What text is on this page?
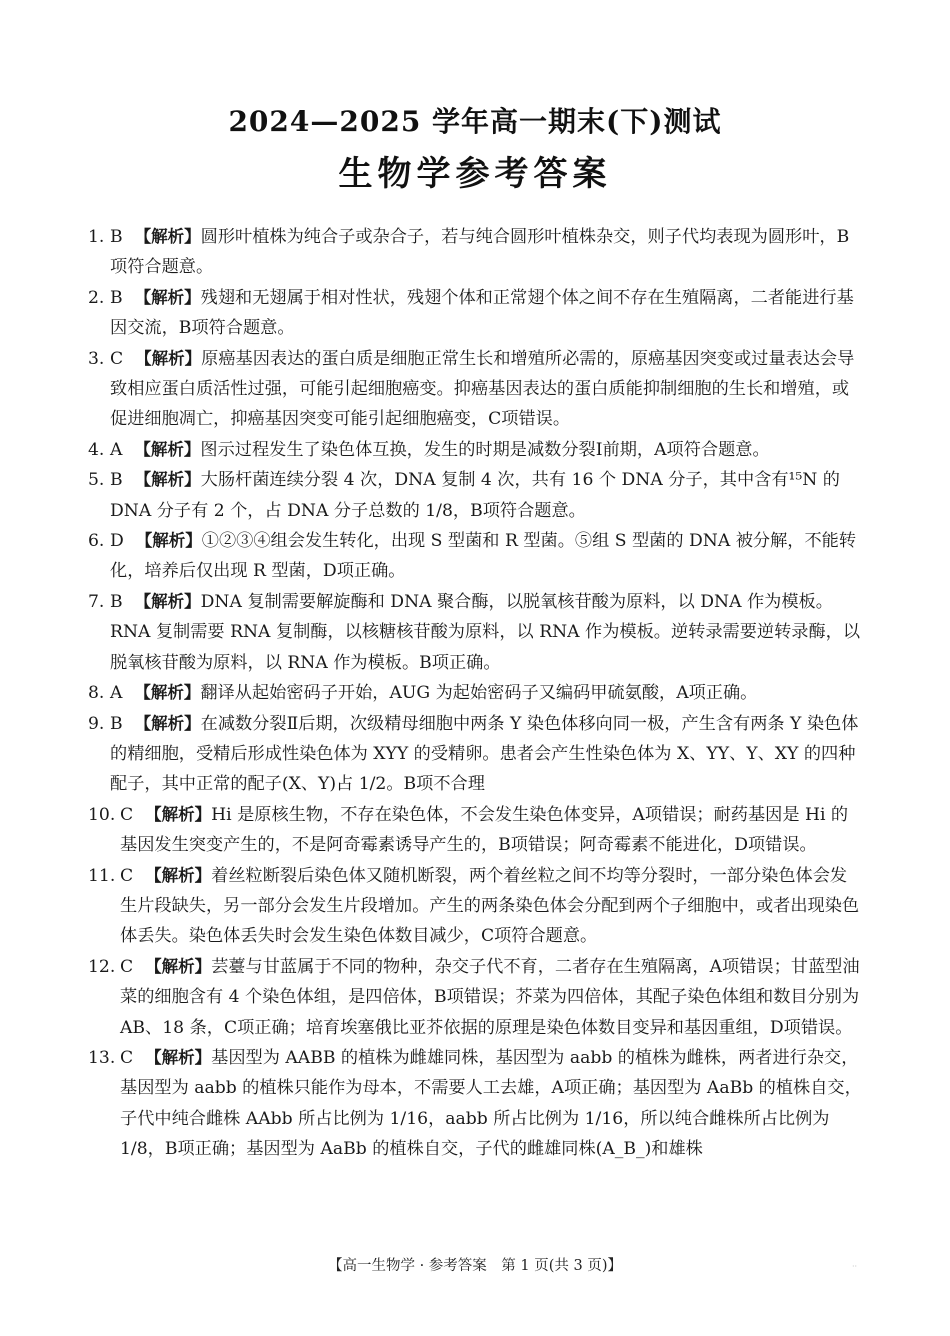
2024—2025 学年高一期末(下)测试
生物学参考答案
1. B 【解析】圆形叶植株为纯合子或杂合子，若与纯合圆形叶植株杂交，则子代均表现为圆形叶，B项符合题意。
2. B 【解析】残翅和无翅属于相对性状，残翅个体和正常翅个体之间不存在生殖隔离，二者能进行基因交流，B项符合题意。
3. C 【解析】原癌基因表达的蛋白质是细胞正常生长和增殖所必需的，原癌基因突变或过量表达会导致相应蛋白质活性过强，可能引起细胞癌变。抑癌基因表达的蛋白质能抑制细胞的生长和增殖，或促进细胞凋亡，抑癌基因突变可能引起细胞癌变，C项错误。
4. A 【解析】图示过程发生了染色体互换，发生的时期是减数分裂Ⅰ前期，A项符合题意。
5. B 【解析】大肠杆菌连续分裂 4 次，DNA 复制 4 次，共有 16 个 DNA 分子，其中含有¹⁵N 的 DNA 分子有 2 个，占 DNA 分子总数的 1/8，B项符合题意。
6. D 【解析】①②③④组会发生转化，出现 S 型菌和 R 型菌。⑤组 S 型菌的 DNA 被分解，不能转化，培养后仅出现 R 型菌，D项正确。
7. B 【解析】DNA 复制需要解旋酶和 DNA 聚合酶，以脱氧核苷酸为原料，以 DNA 作为模板。RNA 复制需要 RNA 复制酶，以核糖核苷酸为原料，以 RNA 作为模板。逆转录需要逆转录酶，以脱氧核苷酸为原料，以 RNA 作为模板。B项正确。
8. A 【解析】翻译从起始密码子开始，AUG 为起始密码子又编码甲硫氨酸，A项正确。
9. B 【解析】在减数分裂Ⅱ后期，次级精母细胞中两条 Y 染色体移向同一极，产生含有两条 Y 染色体的精细胞，受精后形成性染色体为 XYY 的受精卵。患者会产生性染色体为 X、YY、Y、XY 的四种配子，其中正常的配子(X、Y)占 1/2。B项不合理
10. C 【解析】Hi 是原核生物，不存在染色体，不会发生染色体变异，A项错误；耐药基因是 Hi 的基因发生突变产生的，不是阿奇霉素诱导产生的，B项错误；阿奇霉素不能进化，D项错误。
11. C 【解析】着丝粒断裂后染色体又随机断裂，两个着丝粒之间不均等分裂时，一部分染色体会发生片段缺失，另一部分会发生片段增加。产生的两条染色体会分配到两个子细胞中，或者出现染色体丢失。染色体丢失时会发生染色体数目减少，C项符合题意。
12. C 【解析】芸薹与甘蓝属于不同的物种，杂交子代不育，二者存在生殖隔离，A项错误；甘蓝型油菜的细胞含有 4 个染色体组，是四倍体，B项错误；芥菜为四倍体，其配子染色体组和数目分别为 AB、18 条，C项正确；培育埃塞俄比亚芥依据的原理是染色体数目变异和基因重组，D项错误。
13. C 【解析】基因型为 AABB 的植株为雌雄同株，基因型为 aabb 的植株为雌株，两者进行杂交，基因型为 aabb 的植株只能作为母本，不需要人工去雄，A项正确；基因型为 AaBb 的植株自交，子代中纯合雌株 AAbb 所占比例为 1/16，aabb 所占比例为 1/16，所以纯合雌株所占比例为 1/8，B项正确；基因型为 AaBb 的植株自交，子代的雌雄同株(A_B_)和雄株
【高一生物学 · 参考答案　第 1 页(共 3 页)】	··
